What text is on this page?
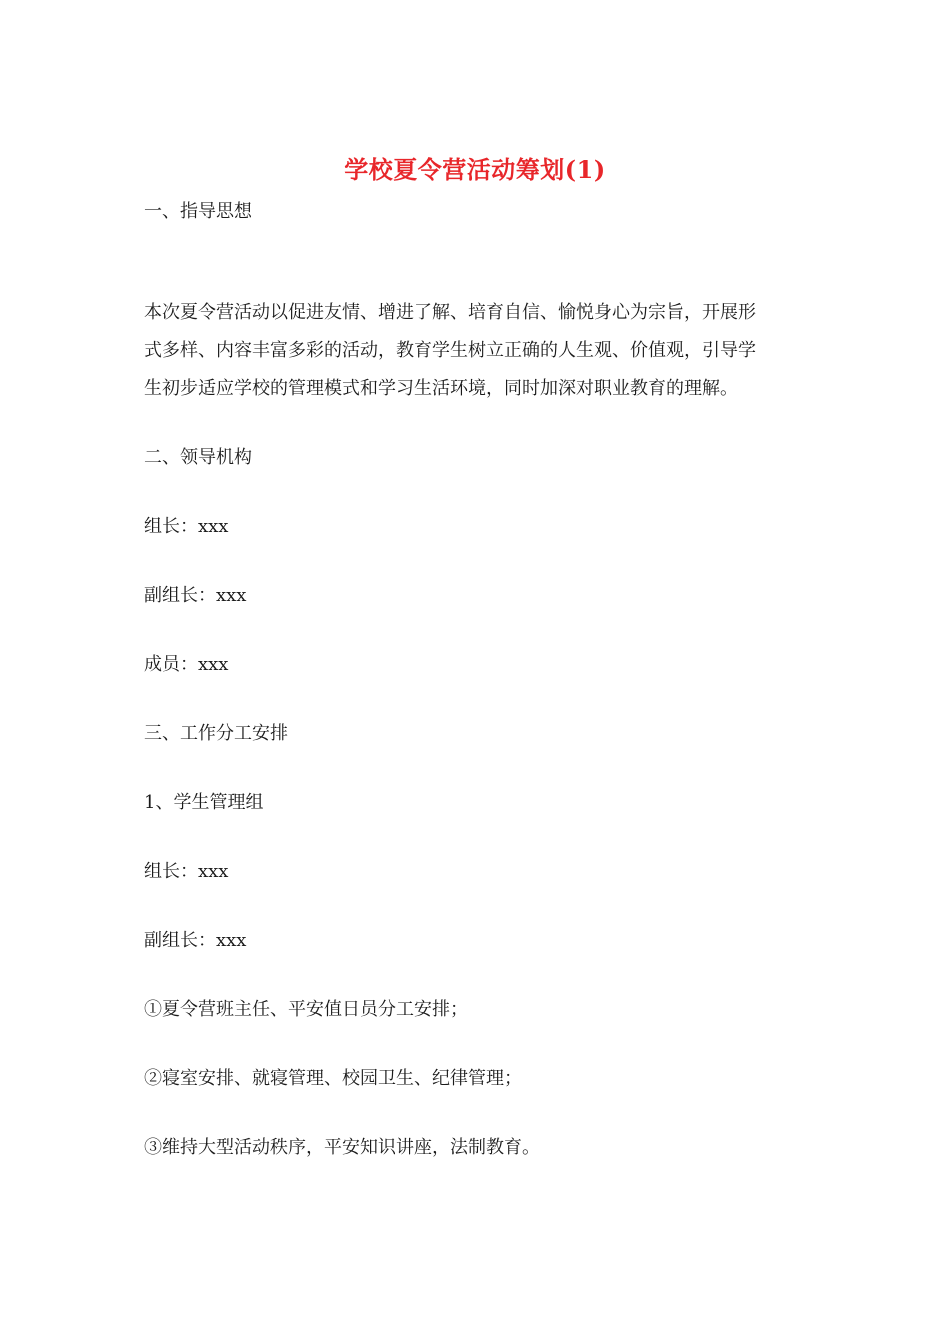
学校夏令营活动筹划(1)
一、指导思想
本次夏令营活动以促进友情、增进了解、培育自信、愉悦身心为宗旨，开展形
式多样、内容丰富多彩的活动，教育学生树立正确的人生观、价值观，引导学
生初步适应学校的管理模式和学习生活环境，同时加深对职业教育的理解。
二、领导机构
组长：xxx
副组长：xxx
成员：xxx
三、工作分工安排
1、学生管理组
组长：xxx
副组长：xxx
①夏令营班主任、平安值日员分工安排；
②寝室安排、就寝管理、校园卫生、纪律管理；
③维持大型活动秩序，平安知识讲座，法制教育。
